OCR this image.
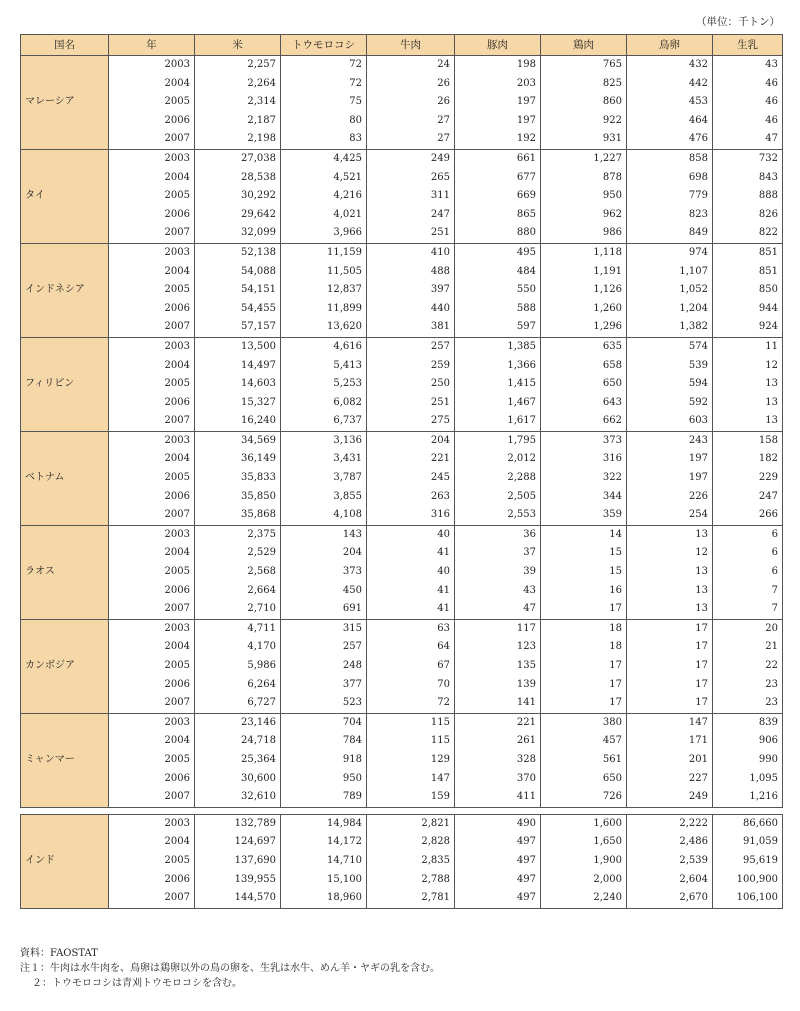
（単位：千トン）
国名	年	米	トウモロコシ	牛肉	豚肉	鶏肉	鳥卵	生乳
マレーシア	2003	2,257	72	24	198	765	432	43
	2004	2,264	72	26	203	825	442	46
	2005	2,314	75	26	197	860	453	46
	2006	2,187	80	27	197	922	464	46
	2007	2,198	83	27	192	931	476	47
タイ	2003	27,038	4,425	249	661	1,227	858	732
	2004	28,538	4,521	265	677	878	698	843
	2005	30,292	4,216	311	669	950	779	888
	2006	29,642	4,021	247	865	962	823	826
	2007	32,099	3,966	251	880	986	849	822
インドネシア	2003	52,138	11,159	410	495	1,118	974	851
	2004	54,088	11,505	488	484	1,191	1,107	851
	2005	54,151	12,837	397	550	1,126	1,052	850
	2006	54,455	11,899	440	588	1,260	1,204	944
	2007	57,157	13,620	381	597	1,296	1,382	924
フィリピン	2003	13,500	4,616	257	1,385	635	574	11
	2004	14,497	5,413	259	1,366	658	539	12
	2005	14,603	5,253	250	1,415	650	594	13
	2006	15,327	6,082	251	1,467	643	592	13
	2007	16,240	6,737	275	1,617	662	603	13
ベトナム	2003	34,569	3,136	204	1,795	373	243	158
	2004	36,149	3,431	221	2,012	316	197	182
	2005	35,833	3,787	245	2,288	322	197	229
	2006	35,850	3,855	263	2,505	344	226	247
	2007	35,868	4,108	316	2,553	359	254	266
ラオス	2003	2,375	143	40	36	14	13	6
	2004	2,529	204	41	37	15	12	6
	2005	2,568	373	40	39	15	13	6
	2006	2,664	450	41	43	16	13	7
	2007	2,710	691	41	47	17	13	7
カンボジア	2003	4,711	315	63	117	18	17	20
	2004	4,170	257	64	123	18	17	21
	2005	5,986	248	67	135	17	17	22
	2006	6,264	377	70	139	17	17	23
	2007	6,727	523	72	141	17	17	23
ミャンマー	2003	23,146	704	115	221	380	147	839
	2004	24,718	784	115	261	457	171	906
	2005	25,364	918	129	328	561	201	990
	2006	30,600	950	147	370	650	227	1,095
	2007	32,610	789	159	411	726	249	1,216

インド	2003	132,789	14,984	2,821	490	1,600	2,222	86,660
	2004	124,697	14,172	2,828	497	1,650	2,486	91,059
	2005	137,690	14,710	2,835	497	1,900	2,539	95,619
	2006	139,955	15,100	2,788	497	2,000	2,604	100,900
	2007	144,570	18,960	2,781	497	2,240	2,670	106,100
資料：FAOSTAT
注１：牛肉は水牛肉を、鳥卵は鶏卵以外の鳥の卵を、生乳は水牛、めん羊・ヤギの乳を含む。
２：トウモロコシは青刈トウモロコシを含む。
